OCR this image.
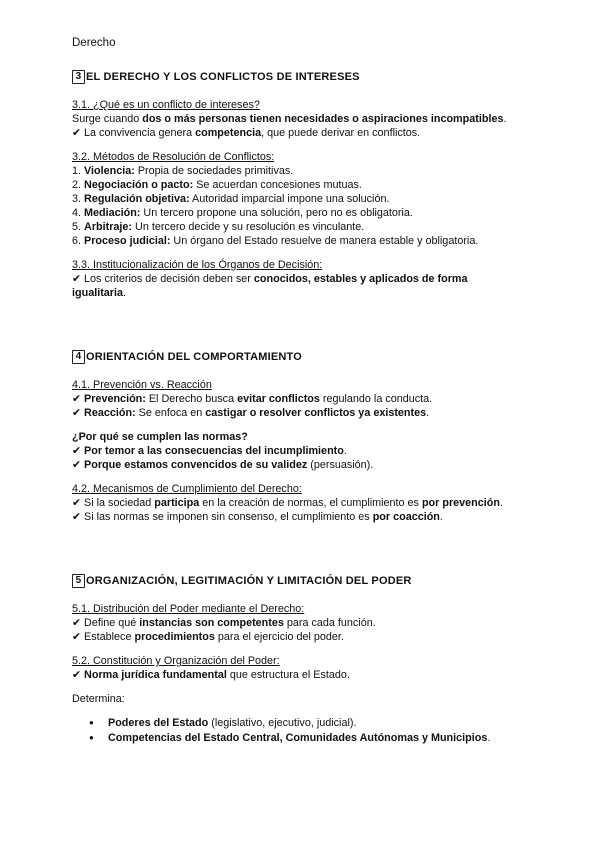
Derecho
3 EL DERECHO Y LOS CONFLICTOS DE INTERESES

3.1. ¿Qué es un conflicto de intereses?

Surge cuando dos o más personas tienen necesidades o aspiraciones incompatibles.

✔ La convivencia genera competencia, que puede derivar en conflictos.

3.2. Métodos de Resolución de Conflictos:

1. Violencia: Propia de sociedades primitivas.

2. Negociación o pacto: Se acuerdan concesiones mutuas.

3. Regulación objetiva: Autoridad imparcial impone una solución.

4. Mediación: Un tercero propone una solución, pero no es obligatoria.

5. Arbitraje: Un tercero decide y su resolución es vinculante.

6. Proceso judicial: Un órgano del Estado resuelve de manera estable y obligatoria.

3.3. Institucionalización de los Órganos de Decisión:

✔ Los criterios de decisión deben ser conocidos, estables y aplicados de forma

igualitaria.

4 ORIENTACIÓN DEL COMPORTAMIENTO

4.1. Prevención vs. Reacción

✔ Prevención: El Derecho busca evitar conflictos regulando la conducta.

✔ Reacción: Se enfoca en castigar o resolver conflictos ya existentes.

¿Por qué se cumplen las normas?

✔ Por temor a las consecuencias del incumplimiento.

✔ Porque estamos convencidos de su validez (persuasión).

4.2. Mecanismos de Cumplimiento del Derecho:

✔ Si la sociedad participa en la creación de normas, el cumplimiento es por prevención.

✔ Si las normas se imponen sin consenso, el cumplimiento es por coacción.

5 ORGANIZACIÓN, LEGITIMACIÓN Y LIMITACIÓN DEL PODER

5.1. Distribución del Poder mediante el Derecho:

✔ Define qué instancias son competentes para cada función.

✔ Establece procedimientos para el ejercicio del poder.

5.2. Constitución y Organización del Poder:

✔ Norma jurídica fundamental que estructura el Estado.

Determina:

● Poderes del Estado (legislativo, ejecutivo, judicial).
● Competencias del Estado Central, Comunidades Autónomas y Municipios.
